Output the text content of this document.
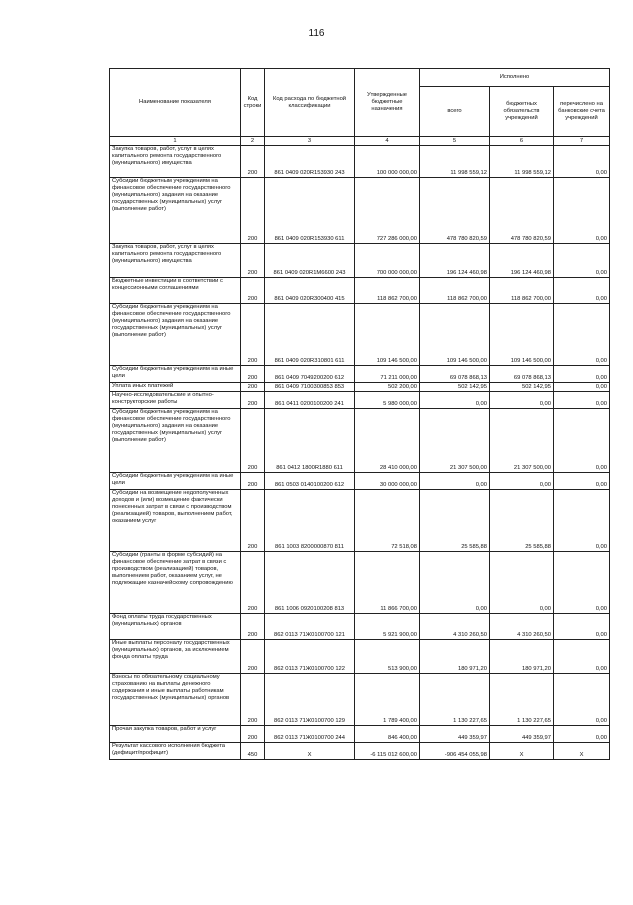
116
Наименование показателя	Код строки	Код расхода по бюджетной классификации	Утвержденные бюджетные назначения	Исполнено		
				всего	бюджетных обязательств учреждений	перечислено на банковские счета учреждений
1	2	3	4	5	6	7
Закупка товаров, работ, услуг в целях капитального ремонта государственного (муниципального) имущества	200	861 0409 020R153930 243	100 000 000,00	11 998 559,12	11 998 559,12	0,00
Субсидии бюджетным учреждениям на финансовое обеспечение государственного (муниципального) задания на оказание государственных (муниципальных) услуг (выполнение работ)	200	861 0409 020R153930 611	727 286 000,00	478 780 820,59	478 780 820,59	0,00
Закупка товаров, работ, услуг в целях капитального ремонта государственного (муниципального) имущества	200	861 0409 020R1M6600 243	700 000 000,00	196 124 460,98	196 124 460,98	0,00
Бюджетные инвестиции в соответствии с концессионными соглашениями	200	861 0409 020R300400 415	118 862 700,00	118 862 700,00	118 862 700,00	0,00
Субсидии бюджетным учреждениям на финансовое обеспечение государственного (муниципального) задания на оказание государственных (муниципальных) услуг (выполнение работ)	200	861 0409 020R310801 611	109 146 500,00	109 146 500,00	109 146 500,00	0,00
Субсидии бюджетным учреждениям на иные цели	200	861 0409 7049200200 612	71 211 000,00	69 078 868,13	69 078 868,13	0,00
Уплата иных платежей	200	861 0409 7100300853 853	502 200,00	502 142,95	502 142,95	0,00
Научно-исследовательские и опытно-конструкторские работы	200	861 0411 0200100200 241	5 980 000,00	0,00	0,00	0,00
Субсидии бюджетным учреждениям на финансовое обеспечение государственного (муниципального) задания на оказание государственных (муниципальных) услуг (выполнение работ)	200	861 0412 1800R1880 611	28 410 000,00	21 307 500,00	21 307 500,00	0,00
Субсидии бюджетным учреждениям на иные цели	200	861 0503 0140100200 612	30 000 000,00	0,00	0,00	0,00
Субсидии на возмещение недополученных доходов и (или) возмещение фактически понесенных затрат в связи с производством (реализацией) товаров, выполнением работ, оказанием услуг	200	861 1003 8200000870 811	72 518,08	25 585,88	25 585,88	0,00
Субсидии (гранты в форме субсидий) на финансовое обеспечение затрат в связи с производством (реализацией) товаров, выполнением работ, оказанием услуг, не подлежащие казначейскому сопровождению	200	861 1006 0920100208 813	11 866 700,00	0,00	0,00	0,00
Фонд оплаты труда государственных (муниципальных) органов	200	862 0113 71Ж0100700 121	5 921 900,00	4 310 260,50	4 310 260,50	0,00
Иные выплаты персоналу государственных (муниципальных) органов, за исключением фонда оплаты труда	200	862 0113 71Ж0100700 122	513 900,00	180 971,20	180 971,20	0,00
Взносы по обязательному социальному страхованию на выплаты денежного содержания и иные выплаты работникам государственных (муниципальных) органов	200	862 0113 71Ж0100700 129	1 789 400,00	1 130 227,65	1 130 227,65	0,00
Прочая закупка товаров, работ и услуг	200	862 0113 71Ж0100700 244	846 400,00	449 359,97	449 359,97	0,00
Результат кассового исполнения бюджета (дефицит/профицит)	450	X	-6 115 012 600,00	-906 454 055,98	X	X
